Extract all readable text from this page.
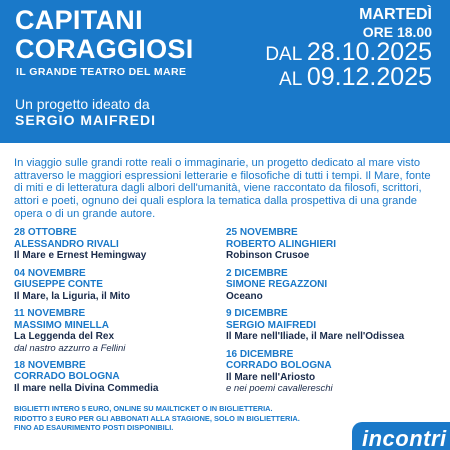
CAPITANI
CORAGGIOSI
IL GRANDE TEATRO DEL MARE
MARTEDÌ
ORE 18.00
DAL 28.10.2025
AL 09.12.2025
Un progetto ideato da
SERGIO MAIFREDI
In viaggio sulle grandi rotte reali o immaginarie, un progetto dedicato al mare visto attraverso le maggiori espressioni letterarie e filosofiche di tutti i tempi. Il Mare, fonte di miti e di letteratura dagli albori dell'umanità, viene raccontato da filosofi, scrittori, attori e poeti, ognuno dei quali esplora la tematica dalla prospettiva di una grande opera o di un grande autore.
28 OTTOBRE
ALESSANDRO RIVALI
Il Mare e Ernest Hemingway
04 NOVEMBRE
GIUSEPPE CONTE
Il Mare, la Liguria, il Mito
11 NOVEMBRE
MASSIMO MINELLA
La Leggenda del Rex
dal nastro azzurro a Fellini
18 NOVEMBRE
CORRADO BOLOGNA
Il mare nella Divina Commedia
25 NOVEMBRE
ROBERTO ALINGHIERI
Robinson Crusoe
2 DICEMBRE
SIMONE REGAZZONI
Oceano
9 DICEMBRE
SERGIO MAIFREDI
Il Mare nell'Iliade, il Mare nell'Odissea
16 DICEMBRE
CORRADO BOLOGNA
Il Mare nell'Ariosto
e nei poemi cavallereschi
BIGLIETTI INTERO 5 EURO, ONLINE SU MAILTICKET O IN BIGLIETTERIA.
RIDOTTO 3 EURO PER GLI ABBONATI ALLA STAGIONE, SOLO IN BIGLIETTERIA.
FINO AD ESAURIMENTO POSTI DISPONIBILI.	incontri
